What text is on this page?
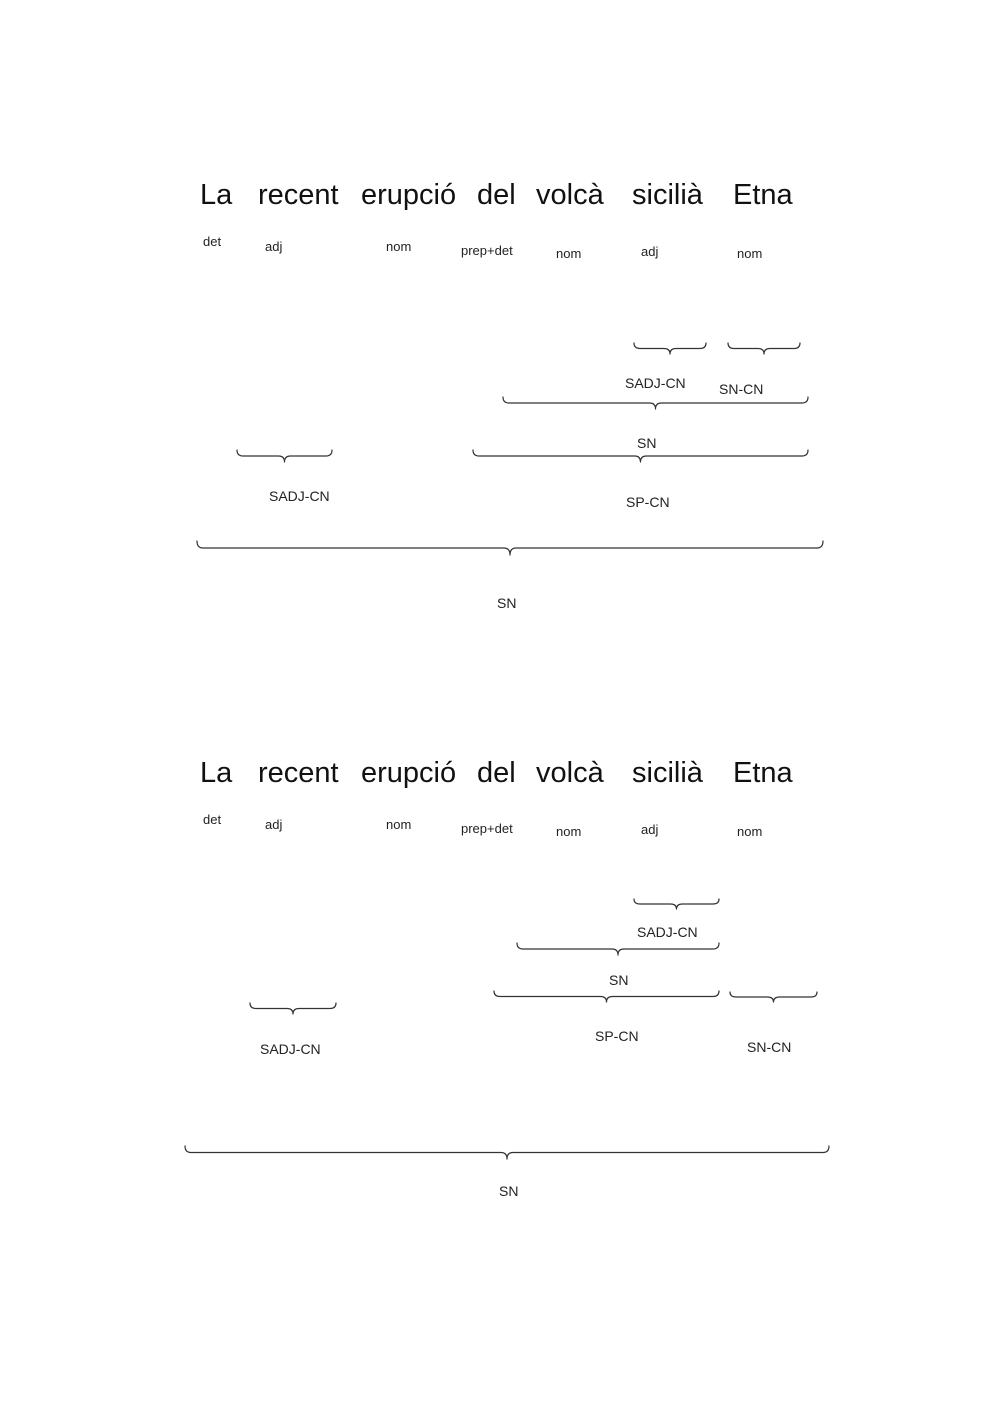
La recent erupció del volcà sicilià Etna
det	adj	nom	prep+det	nom	adj	nom
SADJ-CN SN-CN
SN
SADJ-CN	SP-CN
SN
La recent erupció del volcà sicilià Etna
det	adj	nom	prep+det	nom	adj	nom
SADJ-CN
SN
SADJ-CN
SP-CN
SN-CN
SN
